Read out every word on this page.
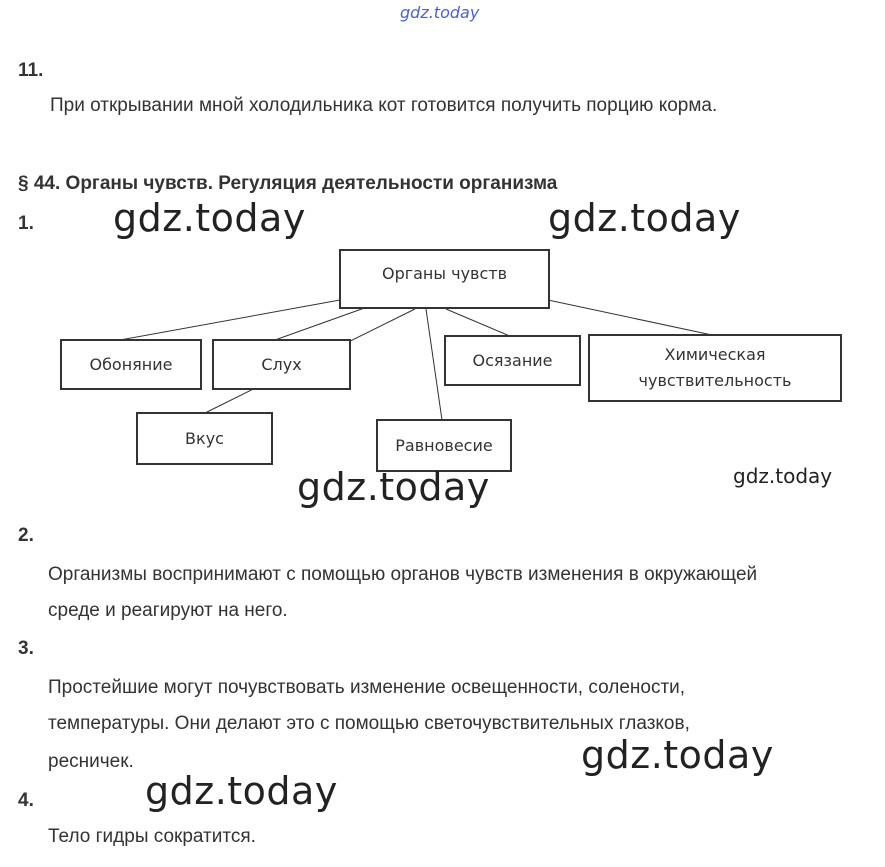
gdz.today
11.
При открывании мной холодильника кот готовится получить порцию корма.
§ 44. Органы чувств. Регуляция деятельности организма
1.
Органы чувств
Обоняние	Слух	Осязание	Химическая
чувствительность
Вкус	Равновесие
gdz.today	gdz.today
gdz.today	gdz.today
2.
Организмы воспринимают с помощью органов чувств изменения в окружающей
среде и реагируют на него.
3.
Простейшие могут почувствовать изменение освещенности, солености,
температуры. Они делают это с помощью светочувствительных глазков,
ресничек.	gdz.today
gdz.today
4.
Тело гидры сократится.
